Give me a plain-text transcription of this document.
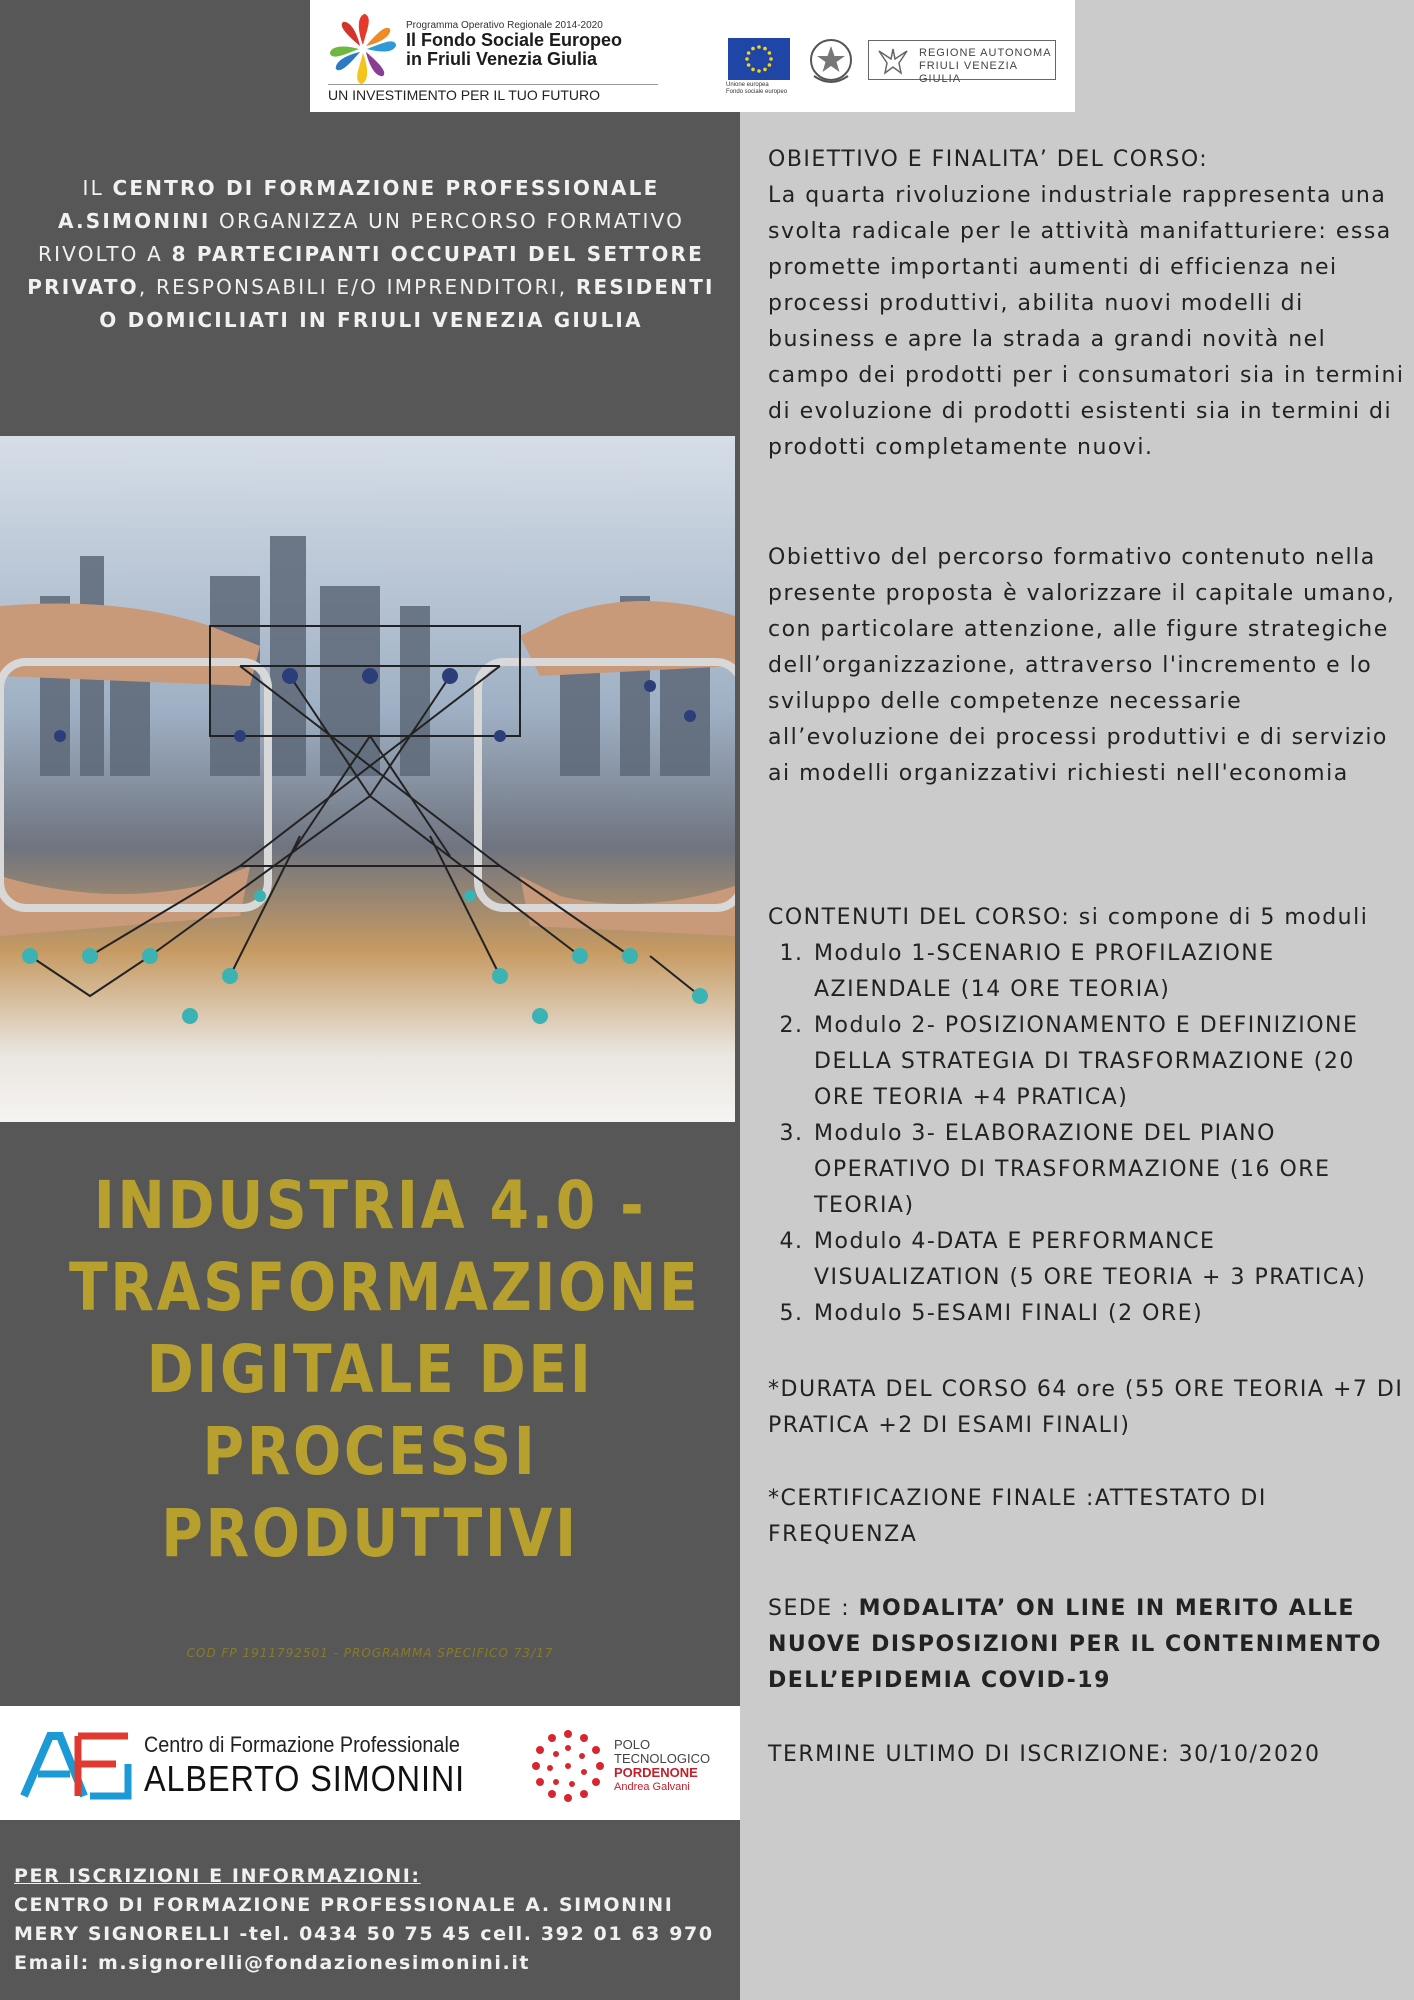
Programma Operativo Regionale 2014-2020
Il Fondo Sociale Europeo
in Friuli Venezia Giulia
UN INVESTIMENTO PER IL TUO FUTURO
Unione europea
Fondo sociale europeo
REGIONE AUTONOMA
FRIULI VENEZIA GIULIA
IL CENTRO DI FORMAZIONE PROFESSIONALE A.SIMONINI ORGANIZZA UN PERCORSO FORMATIVO RIVOLTO A 8 PARTECIPANTI OCCUPATI DEL SETTORE PRIVATO, RESPONSABILI E/O IMPRENDITORI, RESIDENTI O DOMICILIATI IN FRIULI VENEZIA GIULIA
INDUSTRIA 4.0 -
TRASFORMAZIONE
DIGITALE DEI
PROCESSI
PRODUTTIVI
COD FP 1911792501 - PROGRAMMA SPECIFICO 73/17
Centro di Formazione Professionale
ALBERTO SIMONINI
POLO
TECNOLOGICO
PORDENONE
Andrea Galvani
PER ISCRIZIONI E INFORMAZIONI:
CENTRO DI FORMAZIONE PROFESSIONALE A. SIMONINI
MERY SIGNORELLI -tel. 0434 50 75 45 cell. 392 01 63 970
Email: m.signorelli@fondazionesimonini.it
OBIETTIVO E FINALITA’ DEL CORSO:
La quarta rivoluzione industriale rappresenta una svolta radicale per le attività manifatturiere: essa promette importanti aumenti di efficienza nei processi produttivi, abilita nuovi modelli di business e apre la strada a grandi novità nel campo dei prodotti per i consumatori sia in termini di evoluzione di prodotti esistenti sia in termini di prodotti completamente nuovi.
Obiettivo del percorso formativo contenuto nella presente proposta è valorizzare il capitale umano, con particolare attenzione, alle figure strategiche dell’organizzazione, attraverso l'incremento e lo sviluppo delle competenze necessarie all’evoluzione dei processi produttivi e di servizio ai modelli organizzativi richiesti nell'economia
CONTENUTI DEL CORSO: si compone di 5 moduli
1. Modulo 1-SCENARIO E PROFILAZIONE AZIENDALE (14 ORE TEORIA)
2. Modulo 2- POSIZIONAMENTO E DEFINIZIONE DELLA STRATEGIA DI TRASFORMAZIONE (20 ORE TEORIA +4 PRATICA)
3. Modulo 3- ELABORAZIONE DEL PIANO OPERATIVO DI TRASFORMAZIONE (16 ORE TEORIA)
4. Modulo 4-DATA E PERFORMANCE VISUALIZATION (5 ORE TEORIA + 3 PRATICA)
5. Modulo 5-ESAMI FINALI (2 ORE)
*DURATA DEL CORSO 64 ore (55 ORE TEORIA +7 DI PRATICA +2 DI ESAMI FINALI)
*CERTIFICAZIONE FINALE :ATTESTATO DI FREQUENZA
SEDE : MODALITA’ ON LINE IN MERITO ALLE NUOVE DISPOSIZIONI PER IL CONTENIMENTO DELL’EPIDEMIA COVID-19
TERMINE ULTIMO DI ISCRIZIONE: 30/10/2020
